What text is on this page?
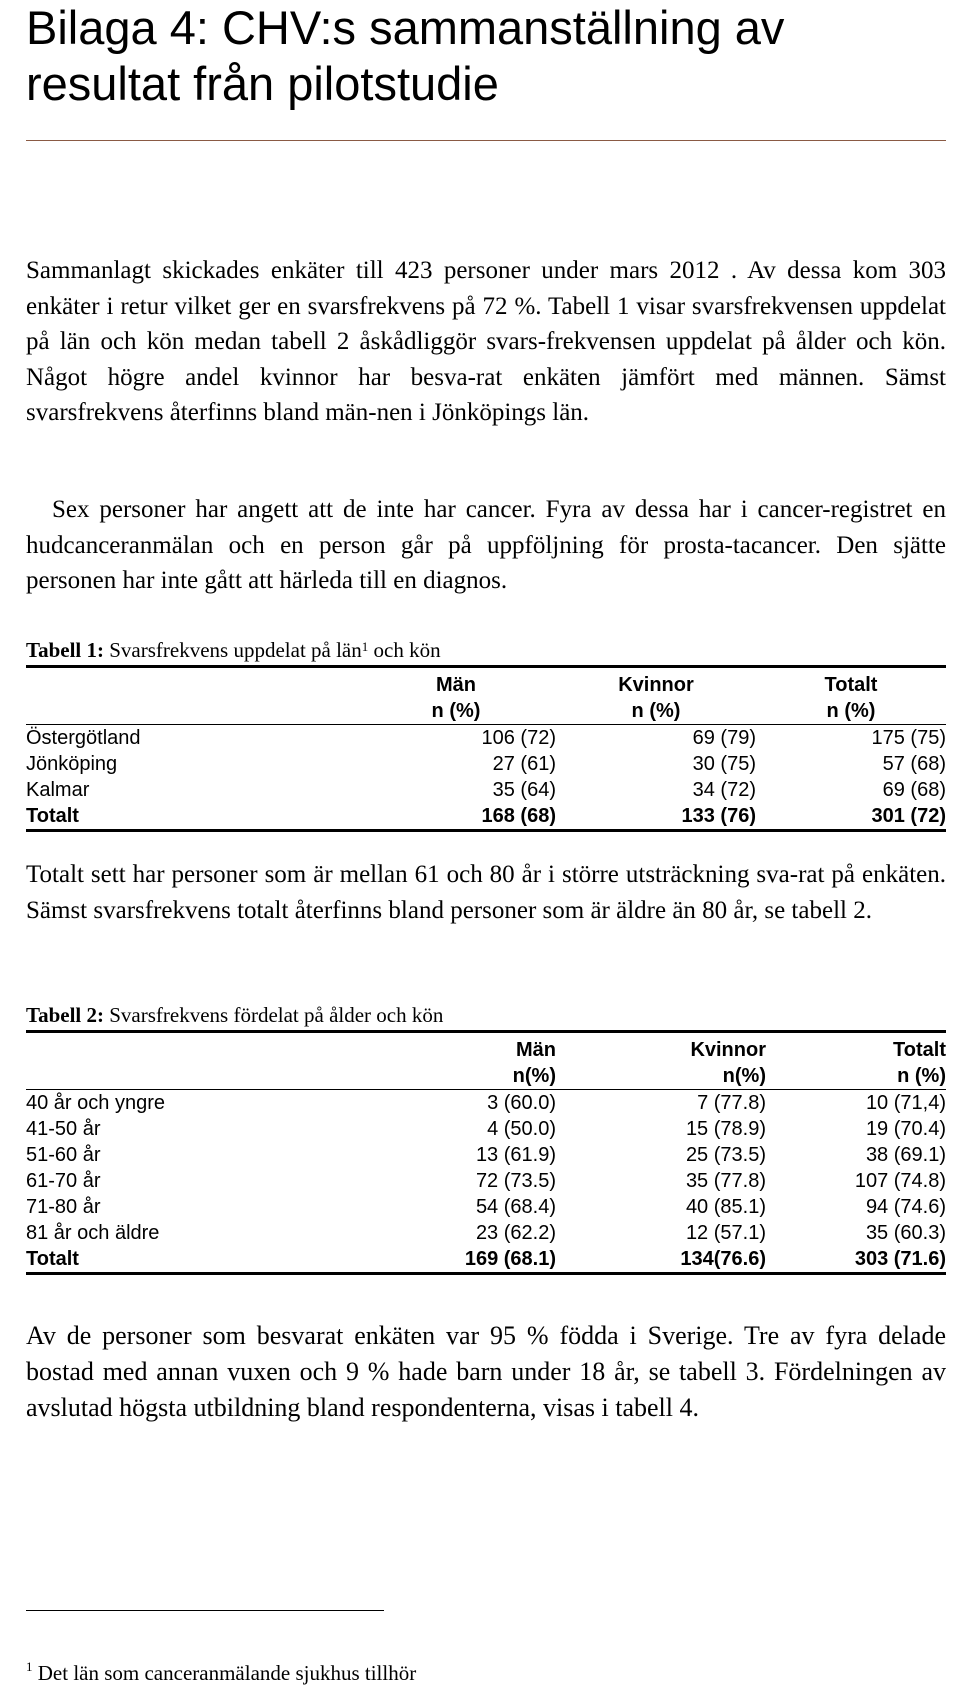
Bilaga 4: CHV:s sammanställning av resultat från pilotstudie

Sammanlagt skickades enkäter till 423 personer under mars 2012 . Av dessa kom 303 enkäter i retur vilket ger en svarsfrekvens på 72 %. Tabell 1 visar svarsfrekvensen uppdelat på län och kön medan tabell 2 åskådliggör svars-frekvensen uppdelat på ålder och kön. Något högre andel kvinnor har besva-rat enkäten jämfört med männen. Sämst svarsfrekvens återfinns bland män-nen i Jönköpings län.

Sex personer har angett att de inte har cancer. Fyra av dessa har i cancer-registret en hudcanceranmälan och en person går på uppföljning för prosta-tacancer. Den sjätte personen har inte gått att härleda till en diagnos.

Tabell 1: Svarsfrekvens uppdelat på län$^1$ och kön
	Män	Kvinnor	Totalt
	n (%)	n (%)	n (%)
Östergötland	106 (72)	69 (79)	175 (75)
Jönköping	27 (61)	30 (75)	57 (68)
Kalmar	35 (64)	34 (72)	69 (68)
Totalt	168 (68)	133 (76)	301 (72)

Totalt sett har personer som är mellan 61 och 80 år i större utsträckning sva-rat på enkäten. Sämst svarsfrekvens totalt återfinns bland personer som är äldre än 80 år, se tabell 2.

Tabell 2: Svarsfrekvens fördelat på ålder och kön
	Män	Kvinnor	Totalt
	n(%)	n(%)	n (%)
40 år och yngre	3 (60.0)	7 (77.8)	10 (71,4)
41-50 år	4 (50.0)	15 (78.9)	19 (70.4)
51-60 år	13 (61.9)	25 (73.5)	38 (69.1)
61-70 år	72 (73.5)	35 (77.8)	107 (74.8)
71-80 år	54 (68.4)	40 (85.1)	94 (74.6)
81 år och äldre	23 (62.2)	12 (57.1)	35 (60.3)
Totalt	169 (68.1)	134(76.6)	303 (71.6)

Av de personer som besvarat enkäten var 95 % födda i Sverige. Tre av fyra delade bostad med annan vuxen och 9 % hade barn under 18 år, se tabell 3. Fördelningen av avslutad högsta utbildning bland respondenterna, visas i tabell 4.

$^1$ Det län som canceranmälande sjukhus tillhör
